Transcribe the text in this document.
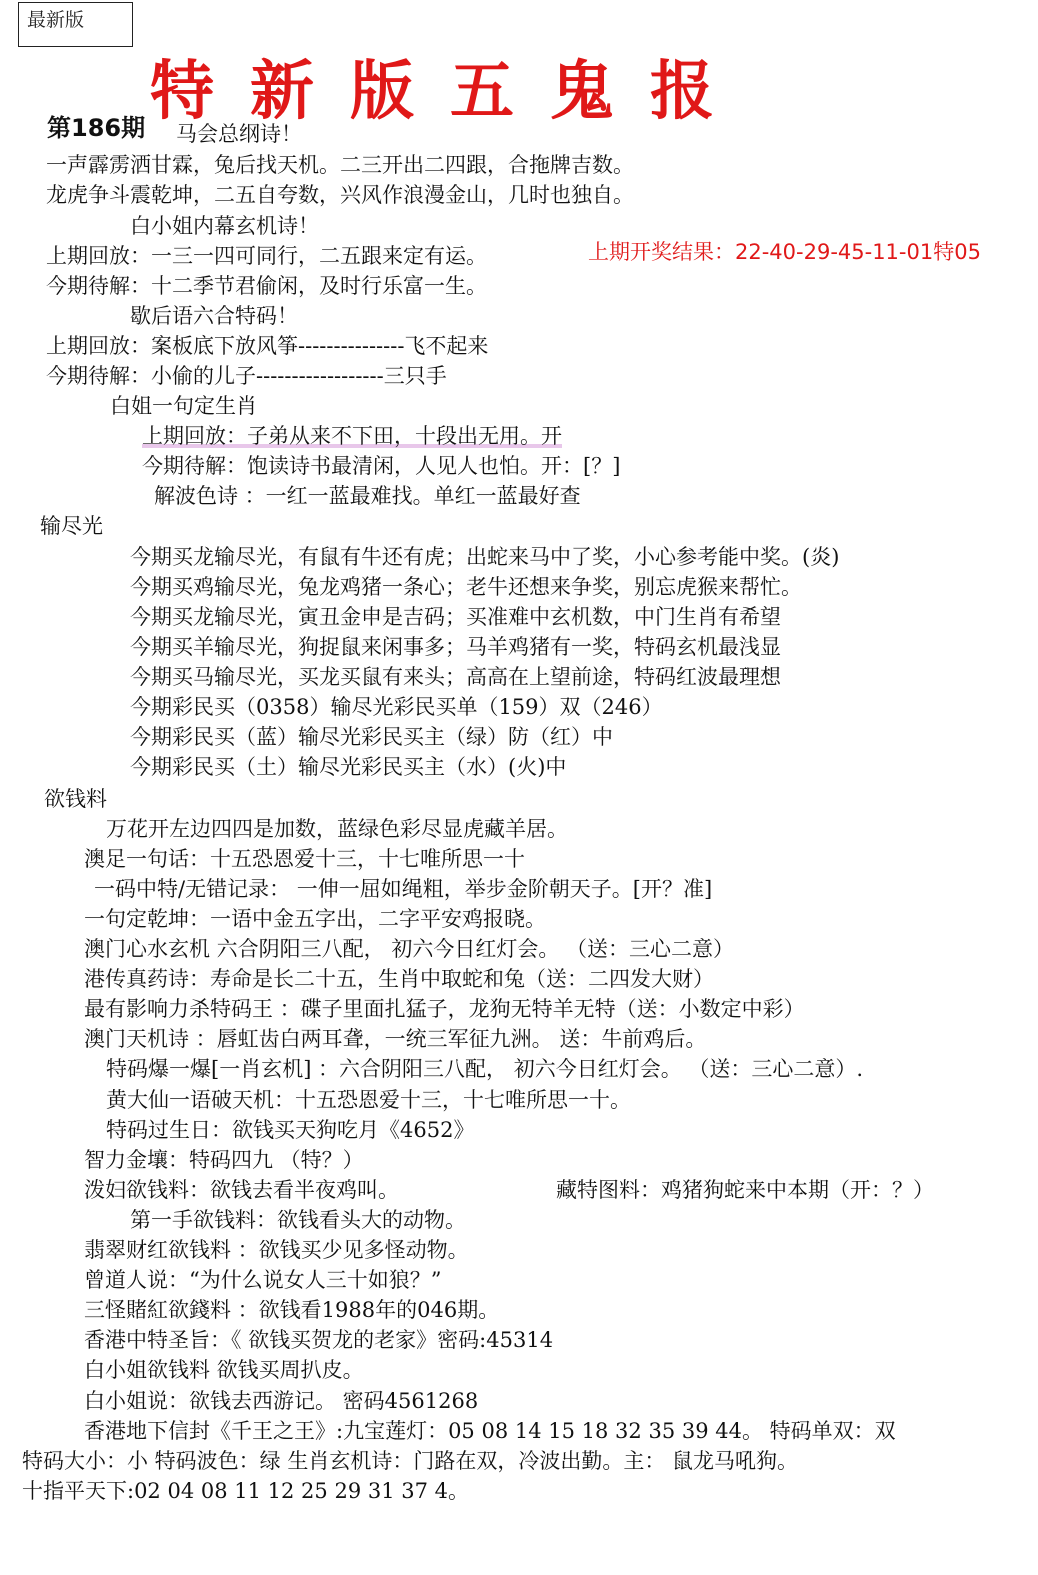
最新版
特新版五鬼报
第186期
上期开奖结果：22-40-29-45-11-01特05
马会总纲诗！
一声霹雳洒甘霖，兔后找天机。二三开出二四跟，合拖牌吉数。
龙虎争斗震乾坤，二五自夸数，兴风作浪漫金山，几时也独自。
白小姐内幕玄机诗！
上期回放：一三一四可同行，二五跟来定有运。
今期待解：十二季节君偷闲，及时行乐富一生。
歇后语六合特码！
上期回放：案板底下放风筝---------------飞不起来
今期待解：小偷的儿子------------------三只手
白姐一句定生肖
上期回放：子弟从来不下田，十段出无用。开
今期待解：饱读诗书最清闲，人见人也怕。开：[？]
解波色诗 ：一红一蓝最难找。单红一蓝最好查
输尽光
今期买龙输尽光，有鼠有牛还有虎；出蛇来马中了奖，小心参考能中奖。(炎)
今期买鸡输尽光，兔龙鸡猪一条心；老牛还想来争奖，别忘虎猴来帮忙。
今期买龙输尽光，寅丑金申是吉码；买准难中玄机数，中门生肖有希望
今期买羊输尽光，狗捉鼠来闲事多；马羊鸡猪有一奖，特码玄机最浅显
今期买马输尽光，买龙买鼠有来头；高高在上望前途，特码红波最理想
今期彩民买（0358）输尽光彩民买单（159）双（246）
今期彩民买（蓝）输尽光彩民买主（绿）防（红）中
今期彩民买（土）输尽光彩民买主（水）(火)中
欲钱料
万花开左边四四是加数，蓝绿色彩尽显虎藏羊居。
澳足一句话：十五恐恩爱十三，十七唯所思一十
一码中特/无错记录： 一伸一屈如绳粗，举步金阶朝天子。[开？准]
一句定乾坤：一语中金五字出，二字平安鸡报晓。
澳门心水玄机 六合阴阳三八配， 初六今日红灯会。 （送：三心二意）
港传真药诗：寿命是长二十五，生肖中取蛇和兔（送：二四发大财）
最有影响力杀特码王 ：碟子里面扎猛子，龙狗无特羊无特（送：小数定中彩）
澳门天机诗 ：唇虹齿白两耳聋，一统三军征九洲。 送：牛前鸡后。
特码爆一爆[一肖玄机] ：六合阴阳三八配， 初六今日红灯会。 （送：三心二意）.
黄大仙一语破天机：十五恐恩爱十三，十七唯所思一十。
特码过生日：欲钱买天狗吃月《4652》
智力金壤：特码四九 （特？）
泼妇欲钱料：欲钱去看半夜鸡叫。	藏特图料：鸡猪狗蛇来中本期（开：？）
第一手欲钱料：欲钱看头大的动物。
翡翠财红欲钱料 ：欲钱买少见多怪动物。
曾道人说：“为什么说女人三十如狼？”
三怪賭紅欲錢料 ：欲钱看1988年的046期。
香港中特圣旨：《 欲钱买贺龙的老家》密码:45314
白小姐欲钱料 欲钱买周扒皮。
白小姐说：欲钱去西游记。 密码4561268
香港地下信封《千王之王》:九宝莲灯：05 08 14 15 18 32 35 39 44。 特码单双：双
特码大小：小 特码波色：绿 生肖玄机诗：门路在双，冷波出勤。主： 鼠龙马吼狗。
十指平天下:02 04 08 11 12 25 29 31 37 4。
